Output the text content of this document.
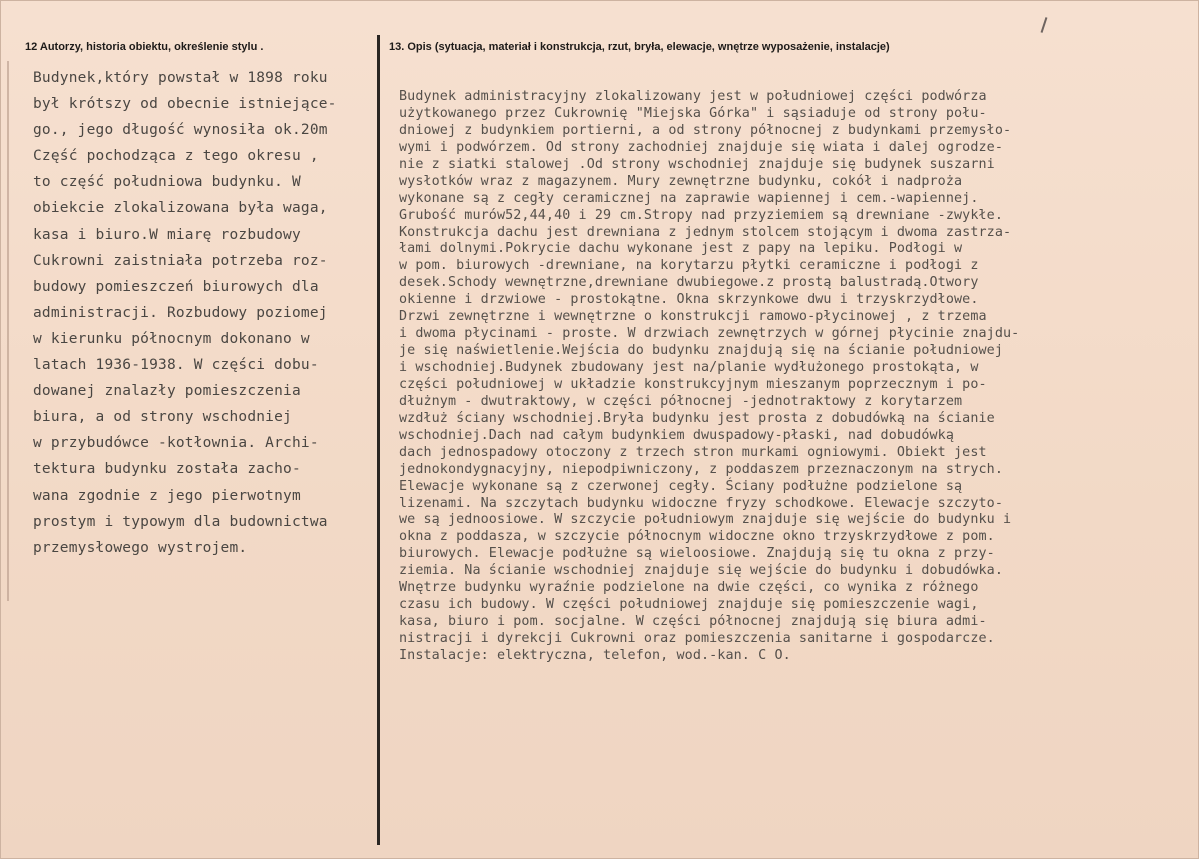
12 Autorzy, historia obiektu, określenie stylu .	13. Opis (sytuacja, materiał i konstrukcja, rzut, bryła, elewacje, wnętrze wyposażenie, instalacje)
Budynek,który powstał w 1898 roku
był krótszy od obecnie istniejące-
go., jego długość wynosiła ok.20m
Część pochodząca z tego okresu ,
to część południowa budynku. W
obiekcie zlokalizowana była waga,
kasa i biuro.W miarę rozbudowy
Cukrowni zaistniała potrzeba roz-
budowy pomieszczeń biurowych dla
administracji. Rozbudowy poziomej
w kierunku północnym dokonano w
latach 1936-1938. W części dobu-
dowanej znalazły pomieszczenia
biura, a od strony wschodniej
w przybudówce -kotłownia. Archi-
tektura budynku została zacho-
wana zgodnie z jego pierwotnym
prostym i typowym dla budownictwa
przemysłowego wystrojem.
Budynek administracyjny zlokalizowany jest w południowej części podwórza
użytkowanego przez Cukrownię "Miejska Górka" i sąsiaduje od strony połu-
dniowej z budynkiem portierni, a od strony północnej z budynkami przemysło-
wymi i podwórzem. Od strony zachodniej znajduje się wiata i dalej ogrodze-
nie z siatki stalowej .Od strony wschodniej znajduje się budynek suszarni
wysłotków wraz z magazynem. Mury zewnętrzne budynku, cokół i nadproża
wykonane są z cegły ceramicznej na zaprawie wapiennej i cem.-wapiennej.
Grubość murów52,44,40 i 29 cm.Stropy nad przyziemiem są drewniane -zwykłe.
Konstrukcja dachu jest drewniana z jednym stolcem stojącym i dwoma zastrza-
łami dolnymi.Pokrycie dachu wykonane jest z papy na lepiku. Podłogi w
w pom. biurowych -drewniane, na korytarzu płytki ceramiczne i podłogi z
desek.Schody wewnętrzne,drewniane dwubiegowe.z prostą balustradą.Otwory
okienne i drzwiowe - prostokątne. Okna skrzynkowe dwu i trzyskrzydłowe.
Drzwi zewnętrzne i wewnętrzne o konstrukcji ramowo-płycinowej , z trzema
i dwoma płycinami - proste. W drzwiach zewnętrzych w górnej płycinie znajdu-
je się naświetlenie.Wejścia do budynku znajdują się na ścianie południowej
i wschodniej.Budynek zbudowany jest na/planie wydłużonego prostokąta, w
części południowej w układzie konstrukcyjnym mieszanym poprzecznym i po-
dłużnym - dwutraktowy, w części północnej -jednotraktowy z korytarzem
wzdłuż ściany wschodniej.Bryła budynku jest prosta z dobudówką na ścianie
wschodniej.Dach nad całym budynkiem dwuspadowy-płaski, nad dobudówką
dach jednospadowy otoczony z trzech stron murkami ogniowymi. Obiekt jest
jednokondygnacyjny, niepodpiwniczony, z poddaszem przeznaczonym na strych.
Elewacje wykonane są z czerwonej cegły. Ściany podłużne podzielone są
lizenami. Na szczytach budynku widoczne fryzy schodkowe. Elewacje szczyto-
we są jednoosiowe. W szczycie południowym znajduje się wejście do budynku i
okna z poddasza, w szczycie północnym widoczne okno trzyskrzydłowe z pom.
biurowych. Elewacje podłużne są wieloosiowe. Znajdują się tu okna z przy-
ziemia. Na ścianie wschodniej znajduje się wejście do budynku i dobudówka.
Wnętrze budynku wyraźnie podzielone na dwie części, co wynika z różnego
czasu ich budowy. W części południowej znajduje się pomieszczenie wagi,
kasa, biuro i pom. socjalne. W części północnej znajdują się biura admi-
nistracji i dyrekcji Cukrowni oraz pomieszczenia sanitarne i gospodarcze.
Instalacje: elektryczna, telefon, wod.-kan. C O.
